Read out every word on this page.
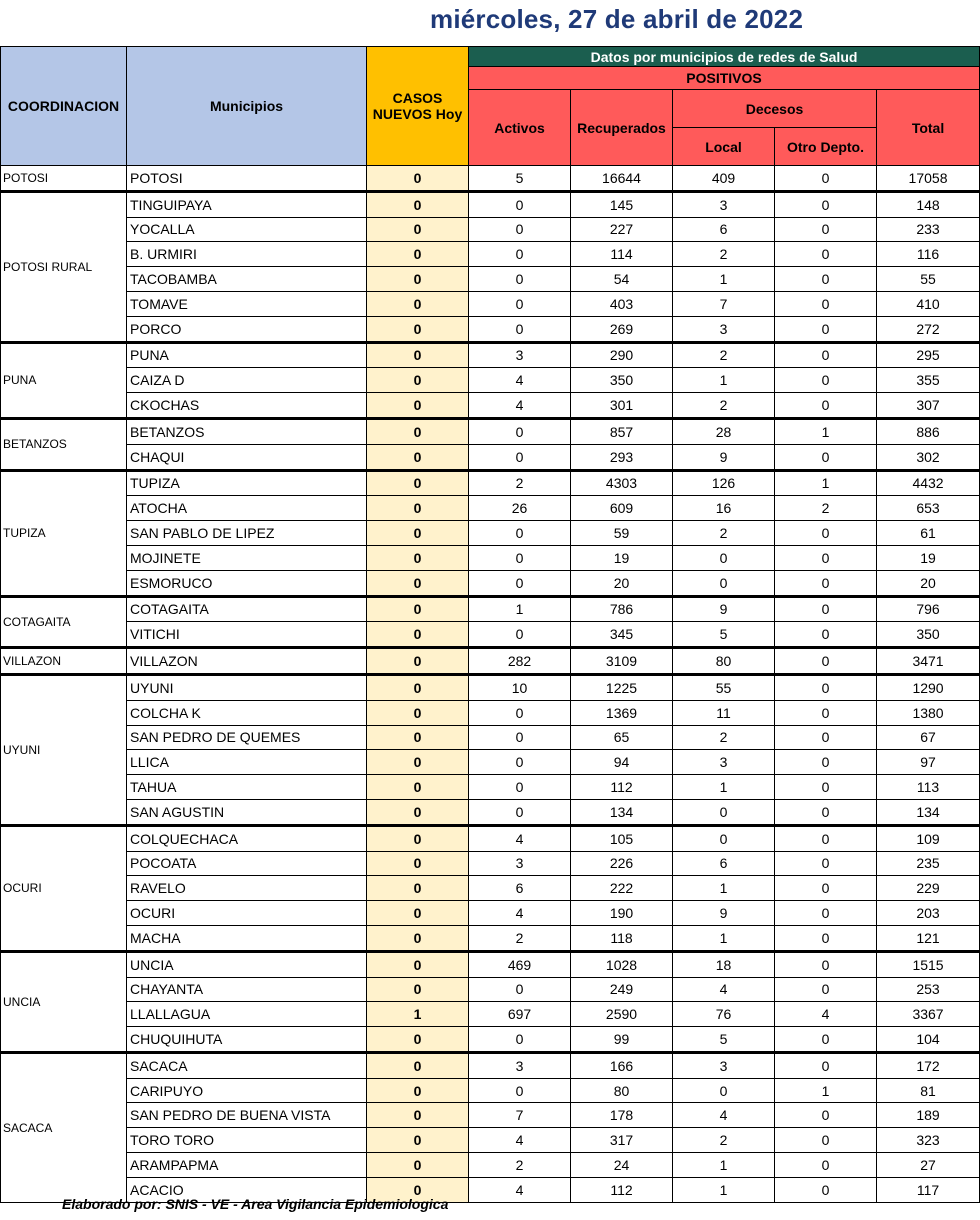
miércoles, 27 de abril de 2022
COORDINACION	Municipios	CASOS NUEVOS Hoy	Datos por municipios de redes de Salud				
			POSITIVOS				
			Activos	Recuperados	Decesos		Total
					Local	Otro Depto.	
POTOSI	POTOSI	0	5	16644	409	0	17058
POTOSI RURAL	TINGUIPAYA	0	0	145	3	0	148
	YOCALLA	0	0	227	6	0	233
	B. URMIRI	0	0	114	2	0	116
	TACOBAMBA	0	0	54	1	0	55
	TOMAVE	0	0	403	7	0	410
	PORCO	0	0	269	3	0	272
PUNA	PUNA	0	3	290	2	0	295
	CAIZA D	0	4	350	1	0	355
	CKOCHAS	0	4	301	2	0	307
BETANZOS	BETANZOS	0	0	857	28	1	886
	CHAQUI	0	0	293	9	0	302
TUPIZA	TUPIZA	0	2	4303	126	1	4432
	ATOCHA	0	26	609	16	2	653
	SAN PABLO DE LIPEZ	0	0	59	2	0	61
	MOJINETE	0	0	19	0	0	19
	ESMORUCO	0	0	20	0	0	20
COTAGAITA	COTAGAITA	0	1	786	9	0	796
	VITICHI	0	0	345	5	0	350
VILLAZON	VILLAZON	0	282	3109	80	0	3471
UYUNI	UYUNI	0	10	1225	55	0	1290
	COLCHA K	0	0	1369	11	0	1380
	SAN PEDRO DE QUEMES	0	0	65	2	0	67
	LLICA	0	0	94	3	0	97
	TAHUA	0	0	112	1	0	113
	SAN AGUSTIN	0	0	134	0	0	134
OCURI	COLQUECHACA	0	4	105	0	0	109
	POCOATA	0	3	226	6	0	235
	RAVELO	0	6	222	1	0	229
	OCURI	0	4	190	9	0	203
	MACHA	0	2	118	1	0	121
UNCIA	UNCIA	0	469	1028	18	0	1515
	CHAYANTA	0	0	249	4	0	253
	LLALLAGUA	1	697	2590	76	4	3367
	CHUQUIHUTA	0	0	99	5	0	104
SACACA	SACACA	0	3	166	3	0	172
	CARIPUYO	0	0	80	0	1	81
	SAN PEDRO DE BUENA VISTA	0	7	178	4	0	189
	TORO TORO	0	4	317	2	0	323
	ARAMPAPMA	0	2	24	1	0	27
	ACACIO	0	4	112	1	0	117
Elaborado por: SNIS - VE - Area Vigilancia Epidemiologica
